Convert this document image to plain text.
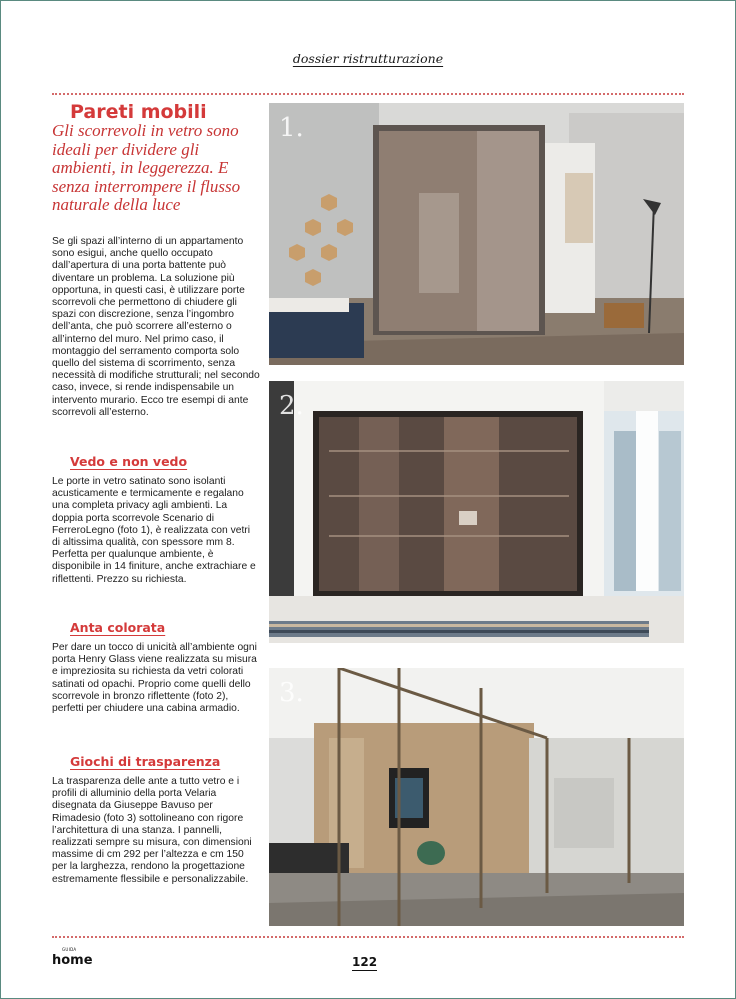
dossier ristrutturazione
Pareti mobili

Gli scorrevoli in vetro sono ideali per dividere gli ambienti, in leggerezza. E senza interrompere il flusso naturale della luce

Se gli spazi all’interno di un appartamento sono esigui, anche quello occupato dall’apertura di una porta battente può diventare un problema. La soluzione più opportuna, in questi casi, è utilizzare porte scorrevoli che permettono di chiudere gli spazi con discrezione, senza l’ingombro dell’anta, che può scorrere all’esterno o all’interno del muro. Nel primo caso, il montaggio del serramento comporta solo quello del sistema di scorrimento, senza necessità di modifiche strutturali; nel secondo caso, invece, si rende indispensabile un intervento murario. Ecco tre esempi di ante scorrevoli all’esterno.

Vedo e non vedo

Le porte in vetro satinato sono isolanti acusticamente e termicamente e regalano una completa privacy agli ambienti. La doppia porta scorrevole Scenario di FerreroLegno (foto 1), è realizzata con vetri di altissima qualità, con spessore mm 8. Perfetta per qualunque ambiente, è disponibile in 14 finiture, anche extrachiare e riflettenti. Prezzo su richiesta.

Anta colorata

Per dare un tocco di unicità all’ambiente ogni porta Henry Glass viene realizzata su misura e impreziosita su richiesta da vetri colorati satinati od opachi. Proprio come quelli dello scorrevole in bronzo riflettente (foto 2), perfetti per chiudere una cabina armadio.

Giochi di trasparenza

La trasparenza delle ante a tutto vetro e i profili di alluminio della porta Velaria disegnata da Giuseppe Bavuso per Rimadesio (foto 3) sottolineano con rigore l’architettura di una stanza. I pannelli, realizzati sempre su misura, con dimensioni massime di cm 292 per l’altezza e cm 150 per la larghezza, rendono la progettazione estremamente flessibile e personalizzabile.

1.
2.
3.
GUIDA
home	122
